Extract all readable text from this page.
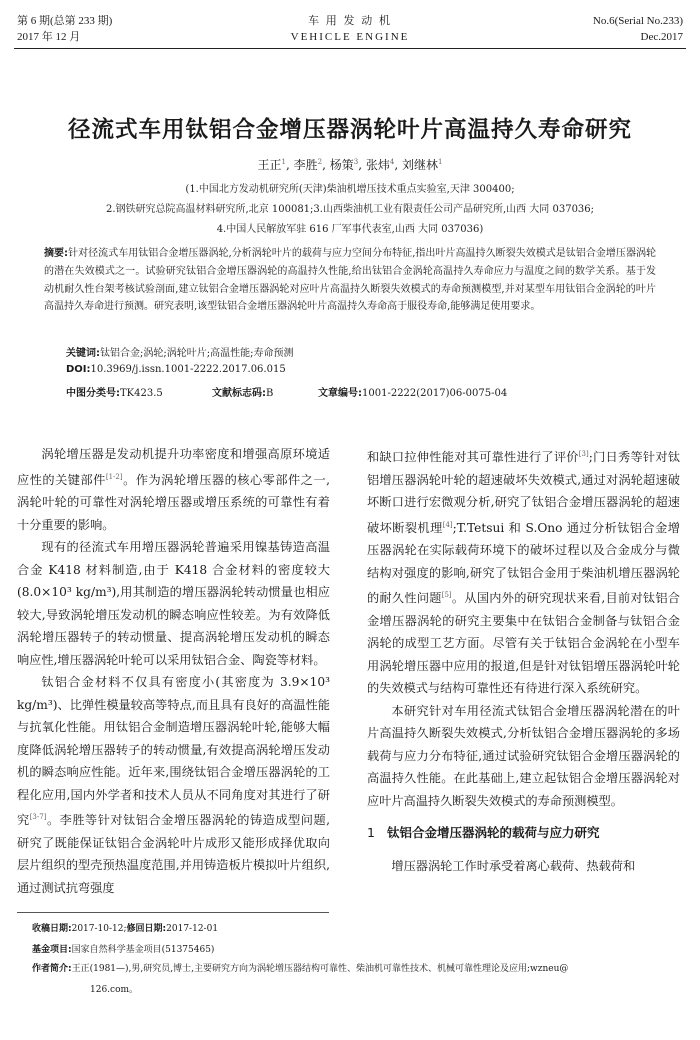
第 6 期(总第 233 期)
2017 年 12 月
车 用 发 动 机
VEHICLE ENGINE
No.6(Serial No.233)
Dec.2017
径流式车用钛铝合金增压器涡轮叶片高温持久寿命研究
王正$^1$, 李胜$^2$, 杨策$^3$, 张炜$^4$, 刘继林$^1$
(1.中国北方发动机研究所(天津)柴油机增压技术重点实验室,天津 300400;
2.钢铁研究总院高温材料研究所,北京 100081;3.山西柴油机工业有限责任公司产品研究所,山西 大同 037036;
4.中国人民解放军驻 616 厂军事代表室,山西 大同 037036)
摘要:针对径流式车用钛铝合金增压器涡轮,分析涡轮叶片的载荷与应力空间分布特征,指出叶片高温持久断裂失效模式是钛铝合金增压器涡轮的潜在失效模式之一。试验研究钛铝合金增压器涡轮的高温持久性能,给出钛铝合金涡轮高温持久寿命应力与温度之间的数学关系。基于发动机耐久性台架考核试验剖面,建立钛铝合金增压器涡轮对应叶片高温持久断裂失效模式的寿命预测模型,并对某型车用钛铝合金涡轮的叶片高温持久寿命进行预测。研究表明,该型钛铝合金增压器涡轮叶片高温持久寿命高于服役寿命,能够满足使用要求。
关键词:钛铝合金;涡轮;涡轮叶片;高温性能;寿命预测
DOI:10.3969/j.issn.1001-2222.2017.06.015
中图分类号:TK423.5	文献标志码:B	文章编号:1001-2222(2017)06-0075-04

涡轮增压器是发动机提升功率密度和增强高原环境适应性的关键部件[1-2]。作为涡轮增压器的核心零部件之一,涡轮叶轮的可靠性对涡轮增压器或增压系统的可靠性有着十分重要的影响。

现有的径流式车用增压器涡轮普遍采用镍基铸造高温合金 K418 材料制造,由于 K418 合金材料的密度较大(8.0×10³ kg/m³),用其制造的增压器涡轮转动惯量也相应较大,导致涡轮增压发动机的瞬态响应性较差。为有效降低涡轮增压器转子的转动惯量、提高涡轮增压发动机的瞬态响应性,增压器涡轮叶轮可以采用钛铝合金、陶瓷等材料。

钛铝合金材料不仅具有密度小(其密度为 3.9×10³ kg/m³)、比弹性模量较高等特点,而且具有良好的高温性能与抗氧化性能。用钛铝合金制造增压器涡轮叶轮,能够大幅度降低涡轮增压器转子的转动惯量,有效提高涡轮增压发动机的瞬态响应性能。近年来,围绕钛铝合金增压器涡轮的工程化应用,国内外学者和技术人员从不同角度对其进行了研究[3-7]。李胜等针对钛铝合金增压器涡轮的铸造成型问题,研究了既能保证钛铝合金涡轮叶片成形又能形成择优取向层片组织的型壳预热温度范围,并用铸造板片模拟叶片组织,通过测试抗弯强度

和缺口拉伸性能对其可靠性进行了评价[3];门日秀等针对钛铝增压器涡轮叶轮的超速破坏失效模式,通过对涡轮超速破坏断口进行宏微观分析,研究了钛铝合金增压器涡轮的超速破坏断裂机理[4];T.Tetsui 和 S.Ono 通过分析钛铝合金增压器涡轮在实际载荷环境下的破坏过程以及合金成分与微结构对强度的影响,研究了钛铝合金用于柴油机增压器涡轮的耐久性问题[5]。从国内外的研究现状来看,目前对钛铝合金增压器涡轮的研究主要集中在钛铝合金制备与钛铝合金涡轮的成型工艺方面。尽管有关于钛铝合金涡轮在小型车用涡轮增压器中应用的报道,但是针对钛铝增压器涡轮叶轮的失效模式与结构可靠性还有待进行深入系统研究。

本研究针对车用径流式钛铝合金增压器涡轮潜在的叶片高温持久断裂失效模式,分析钛铝合金增压器涡轮的多场载荷与应力分布特征,通过试验研究钛铝合金增压器涡轮的高温持久性能。在此基础上,建立起钛铝合金增压器涡轮对应叶片高温持久断裂失效模式的寿命预测模型。

1 钛铝合金增压器涡轮的载荷与应力研究

增压器涡轮工作时承受着离心载荷、热载荷和

收稿日期:2017-10-12;修回日期:2017-12-01
基金项目:国家自然科学基金项目(51375465)
作者简介:王正(1981—),男,研究员,博士,主要研究方向为涡轮增压器结构可靠性、柴油机可靠性技术、机械可靠性理论及应用;wzneu@
126.com。
